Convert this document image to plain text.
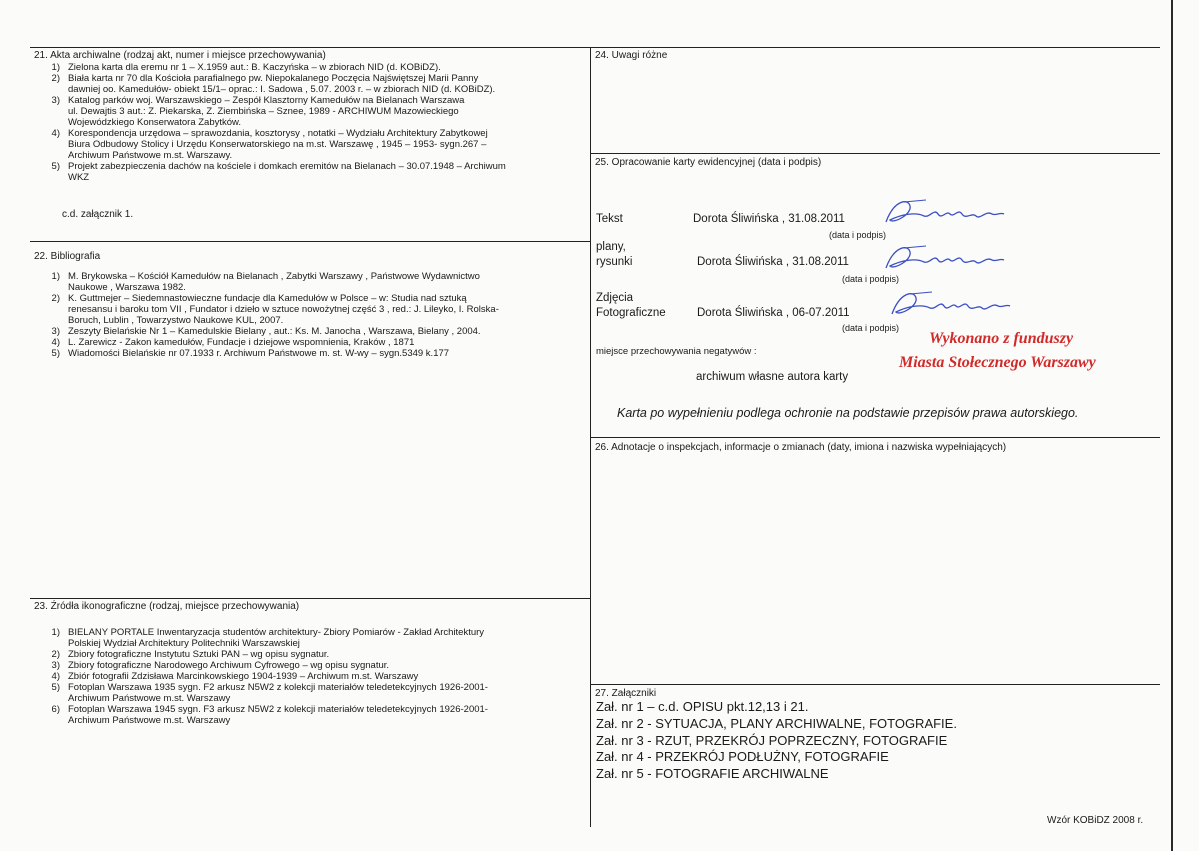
21. Akta archiwalne (rodzaj akt, numer i miejsce przechowywania)
1) Zielona karta dla eremu nr 1 – X.1959 aut.: B. Kaczyńska – w zbiorach NID (d. KOBiDZ).
2) Biała karta nr 70 dla Kościoła parafialnego pw. Niepokalanego Poczęcia Najświętszej Marii Panny
dawniej oo. Kamedułów- obiekt 15/1– oprac.: I. Sadowa , 5.07. 2003 r. – w zbiorach NID (d. KOBiDZ).
3) Katalog parków woj. Warszawskiego – Zespół Klasztorny Kamedułów na Bielanach Warszawa
ul. Dewajtis 3 aut.: Z. Piekarska, Z. Ziembińska – Sznee, 1989 - ARCHIWUM Mazowieckiego
Wojewódzkiego Konserwatora Zabytków.
4) Korespondencja urzędowa – sprawozdania, kosztorysy , notatki – Wydziału Architektury Zabytkowej
Biura Odbudowy Stolicy i Urzędu Konserwatorskiego na m.st. Warszawę , 1945 – 1953- sygn.267 –
Archiwum Państwowe m.st. Warszawy.
5) Projekt zabezpieczenia dachów na kościele i domkach eremitów na Bielanach – 30.07.1948 – Archiwum
WKZ
c.d. załącznik 1.
22. Bibliografia
1) M. Brykowska – Kościół Kamedułów na Bielanach , Zabytki Warszawy , Państwowe Wydawnictwo
Naukowe , Warszawa 1982.
2) K. Guttmejer – Siedemnastowieczne fundacje dla Kamedułów w Polsce – w: Studia nad sztuką
renesansu i baroku tom VII , Fundator i dzieło w sztuce nowożytnej część 3 , red.: J. Lileyko, I. Rolska-
Boruch, Lublin , Towarzystwo Naukowe KUL, 2007.
3) Zeszyty Bielańskie Nr 1 – Kamedulskie Bielany , aut.: Ks. M. Janocha , Warszawa, Bielany , 2004.
4) L. Zarewicz - Zakon kamedułów, Fundacje i dziejowe wspomnienia, Kraków , 1871
5) Wiadomości Bielańskie nr 07.1933 r. Archiwum Państwowe m. st. W-wy – sygn.5349 k.177
23. Źródła ikonograficzne (rodzaj, miejsce przechowywania)
1) BIELANY PORTALE Inwentaryzacja studentów architektury- Zbiory Pomiarów - Zakład Architektury
Polskiej Wydział Architektury Politechniki Warszawskiej
2) Zbiory fotograficzne Instytutu Sztuki PAN – wg opisu sygnatur.
3) Zbiory fotograficzne Narodowego Archiwum Cyfrowego – wg opisu sygnatur.
4) Zbiór fotografii Zdzisława Marcinkowskiego 1904-1939 – Archiwum m.st. Warszawy
5) Fotoplan Warszawa 1935 sygn. F2 arkusz N5W2 z kolekcji materiałów teledetekcyjnych 1926-2001-
Archiwum Państwowe m.st. Warszawy
6) Fotoplan Warszawa 1945 sygn. F3 arkusz N5W2 z kolekcji materiałów teledetekcyjnych 1926-2001-
Archiwum Państwowe m.st. Warszawy
24. Uwagi różne
25. Opracowanie karty ewidencyjnej (data i podpis)
Tekst	Dorota Śliwińska , 31.08.2011
(data i podpis)
plany,
rysunki	Dorota Śliwińska , 31.08.2011
(data i podpis)
Zdjęcia
Fotograficzne	Dorota Śliwińska , 06-07.2011
(data i podpis)
Wykonano z funduszy
Miasta Stołecznego Warszawy
miejsce przechowywania negatywów :
archiwum własne autora karty
Karta po wypełnieniu podlega ochronie na podstawie przepisów prawa autorskiego.
26. Adnotacje o inspekcjach, informacje o zmianach (daty, imiona i nazwiska wypełniających)
27. Załączniki
Zał. nr 1 – c.d. OPISU pkt.12,13 i 21.
Zał. nr 2 - SYTUACJA, PLANY ARCHIWALNE, FOTOGRAFIE.
Zał. nr 3 - RZUT, PRZEKRÓJ POPRZECZNY, FOTOGRAFIE
Zał. nr 4 - PRZEKRÓJ PODŁUŻNY, FOTOGRAFIE
Zał. nr 5 - FOTOGRAFIE ARCHIWALNE
Wzór KOBiDZ 2008 r.
